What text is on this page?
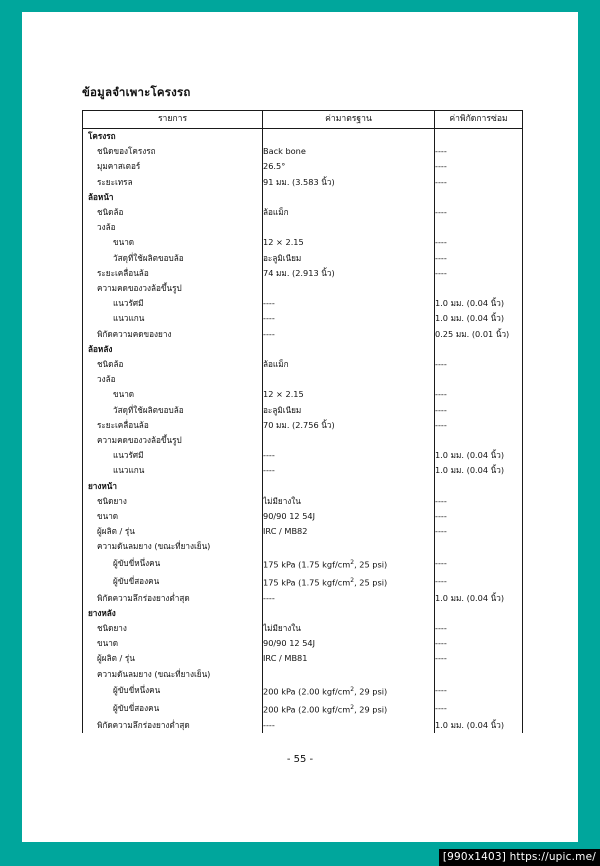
ข้อมูลจำเพาะโครงรถ
รายการ	ค่ามาตรฐาน	ค่าพิกัดการซ่อม
โครงรถ		
ชนิดของโครงรถ	Back bone	----
มุมคาสเตอร์	26.5°	----
ระยะเทรล	91 มม. (3.583 นิ้ว)	----
ล้อหน้า		
ชนิดล้อ	ล้อแม็ก	----
วงล้อ		
ขนาด	12 × 2.15	----
วัสดุที่ใช้ผลิตขอบล้อ	อะลูมิเนียม	----
ระยะเคลื่อนล้อ	74 มม. (2.913 นิ้ว)	----
ความคดของวงล้อขึ้นรูป		
แนวรัศมี	----	1.0 มม. (0.04 นิ้ว)
แนวแกน	----	1.0 มม. (0.04 นิ้ว)
พิกัดความคดของยาง	----	0.25 มม. (0.01 นิ้ว)
ล้อหลัง		
ชนิดล้อ	ล้อแม็ก	----
วงล้อ		
ขนาด	12 × 2.15	----
วัสดุที่ใช้ผลิตขอบล้อ	อะลูมิเนียม	----
ระยะเคลื่อนล้อ	70 มม. (2.756 นิ้ว)	----
ความคดของวงล้อขึ้นรูป		
แนวรัศมี	----	1.0 มม. (0.04 นิ้ว)
แนวแกน	----	1.0 มม. (0.04 นิ้ว)
ยางหน้า		
ชนิดยาง	ไม่มียางใน	----
ขนาด	90/90 12 54J	----
ผู้ผลิต / รุ่น	IRC / MB82	----
ความดันลมยาง (ขณะที่ยางเย็น)		
ผู้ขับขี่หนึ่งคน	175 kPa (1.75 kgf/$cm^2$, 25 psi)	----
ผู้ขับขี่สองคน	175 kPa (1.75 kgf/$cm^2$, 25 psi)	----
พิกัดความลึกร่องยางต่ำสุด	----	1.0 มม. (0.04 นิ้ว)
ยางหลัง		
ชนิดยาง	ไม่มียางใน	----
ขนาด	90/90 12 54J	----
ผู้ผลิต / รุ่น	IRC / MB81	----
ความดันลมยาง (ขณะที่ยางเย็น)		
ผู้ขับขี่หนึ่งคน	200 kPa (2.00 kgf/$cm^2$, 29 psi)	----
ผู้ขับขี่สองคน	200 kPa (2.00 kgf/$cm^2$, 29 psi)	----
พิกัดความลึกร่องยางต่ำสุด	----	1.0 มม. (0.04 นิ้ว)
- 55 -
[990x1403] https://upic.me/
